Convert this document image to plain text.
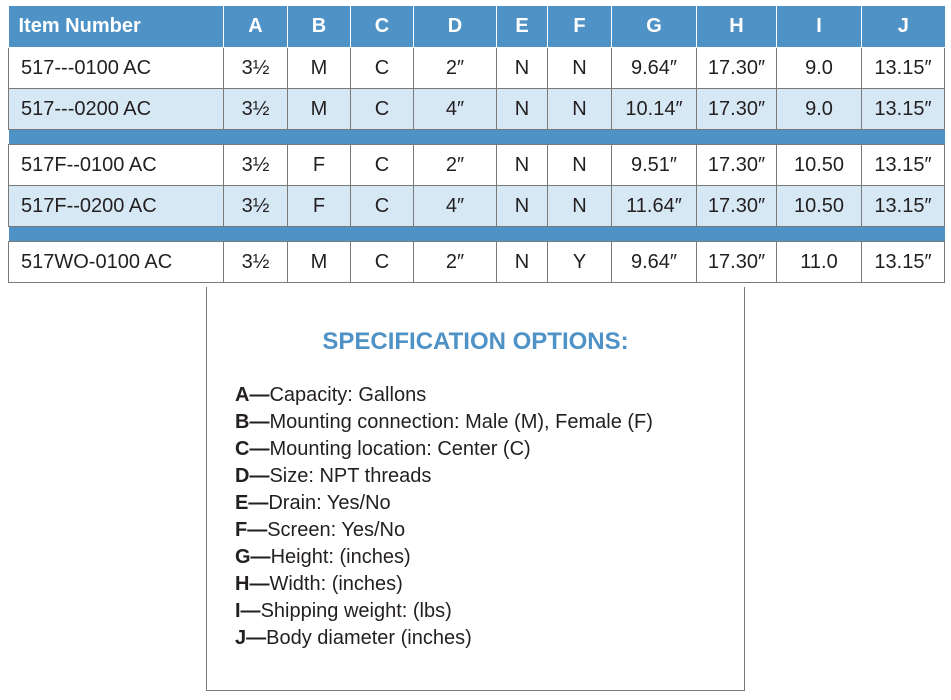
Item Number	A	B	C	D	E	F	G	H	I	J
517---0100 AC	3½	M	C	2″	N	N	9.64″	17.30″	9.0	13.15″
517---0200 AC	3½	M	C	4″	N	N	10.14″	17.30″	9.0	13.15″

517F--0100 AC	3½	F	C	2″	N	N	9.51″	17.30″	10.50	13.15″
517F--0200 AC	3½	F	C	4″	N	N	11.64″	17.30″	10.50	13.15″

517WO-0100 AC	3½	M	C	2″	N	Y	9.64″	17.30″	11.0	13.15″
SPECIFICATION OPTIONS:
A—Capacity: Gallons
B—Mounting connection: Male (M), Female (F)
C—Mounting location: Center (C)
D—Size: NPT threads
E—Drain: Yes/No
F—Screen: Yes/No
G—Height: (inches)
H—Width: (inches)
I—Shipping weight: (lbs)
J—Body diameter (inches)
